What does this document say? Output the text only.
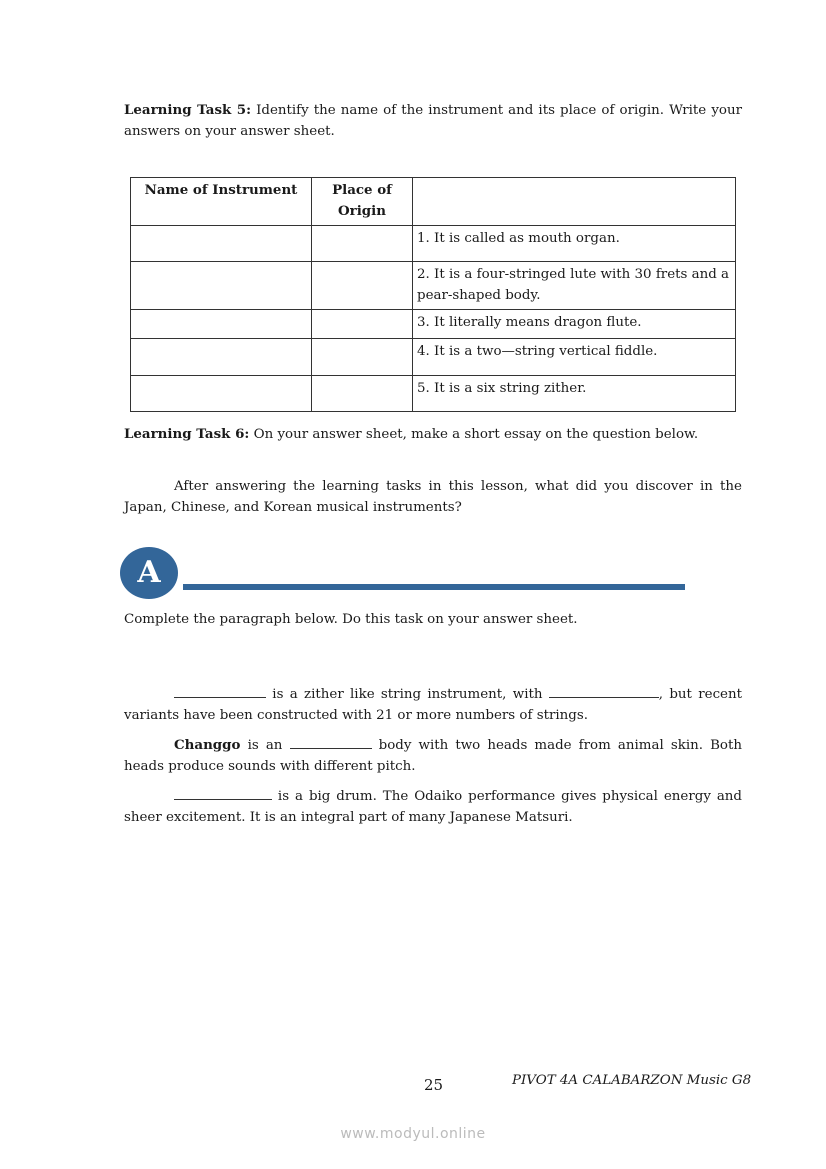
Learning Task 5: Identify the name of the instrument and its place of origin. Write your answers on your answer sheet.

Name of Instrument	Place of Origin	
		1. It is called as mouth organ.
		2. It is a four-stringed lute with 30 frets and a pear-shaped body.
		3. It literally means dragon flute.
		4. It is a two—string vertical fiddle.
		5. It is a six string zither.

Learning Task 6: On your answer sheet, make a short essay on the question below.

After answering the learning tasks in this lesson, what did you discover in the Japan, Chinese, and Korean musical instruments?

A

Complete the paragraph below. Do this task on your answer sheet.

is a zither like string instrument, with	, but recent variants have been constructed with 21 or more numbers of strings.

Changgo is an	body with two heads made from animal skin. Both heads produce sounds with different pitch.

is a big drum. The Odaiko performance gives physical energy and sheer excitement. It is an integral part of many Japanese Matsuri.

25	PIVOT 4A CALABARZON Music G8
www.modyul.online
